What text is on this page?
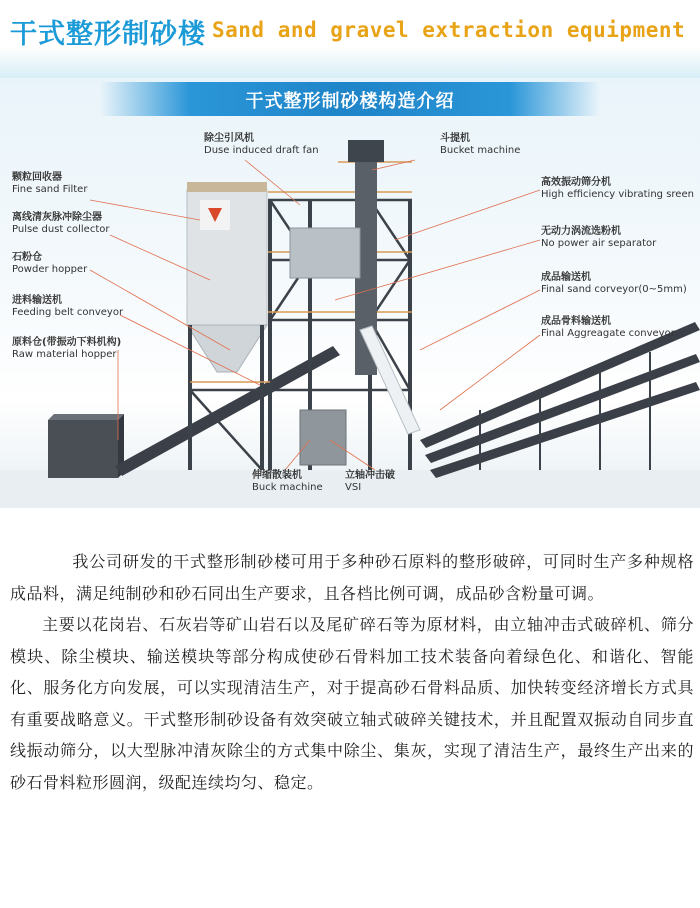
干式整形制砂楼 Sand and gravel extraction equipment
干式整形制砂楼构造介绍
除尘引风机
Duse induced draft fan
斗提机
Bucket machine
颗粒回收器
Fine sand Filter
高效振动筛分机
High efficiency vibrating sreen
离线清灰脉冲除尘器
Pulse dust collector	无动力涡流选粉机
No power air separator
石粉仓
Powder hopper
成品输送机
Final sand corveyor(0~5mm)
进料输送机
Feeding belt conveyor
成品骨料输送机
Final Aggreagate conveyor
原料仓(带振动下料机构)
Raw material hopper
伸缩散装机
Buck machine
立轴冲击破
VSI

我公司研发的干式整形制砂楼可用于多种砂石原料的整形破碎，可同时生产多种规格成品料，满足纯制砂和砂石同出生产要求，且各档比例可调，成品砂含粉量可调。

主要以花岗岩、石灰岩等矿山岩石以及尾矿碎石等为原材料，由立轴冲击式破碎机、筛分模块、除尘模块、输送模块等部分构成使砂石骨料加工技术装备向着绿色化、和谐化、智能化、服务化方向发展，可以实现清洁生产，对于提高砂石骨料品质、加快转变经济增长方式具有重要战略意义。干式整形制砂设备有效突破立轴式破碎关键技术，并且配置双振动自同步直线振动筛分，以大型脉冲清灰除尘的方式集中除尘、集灰，实现了清洁生产，最终生产出来的砂石骨料粒形圆润，级配连续均匀、稳定。
